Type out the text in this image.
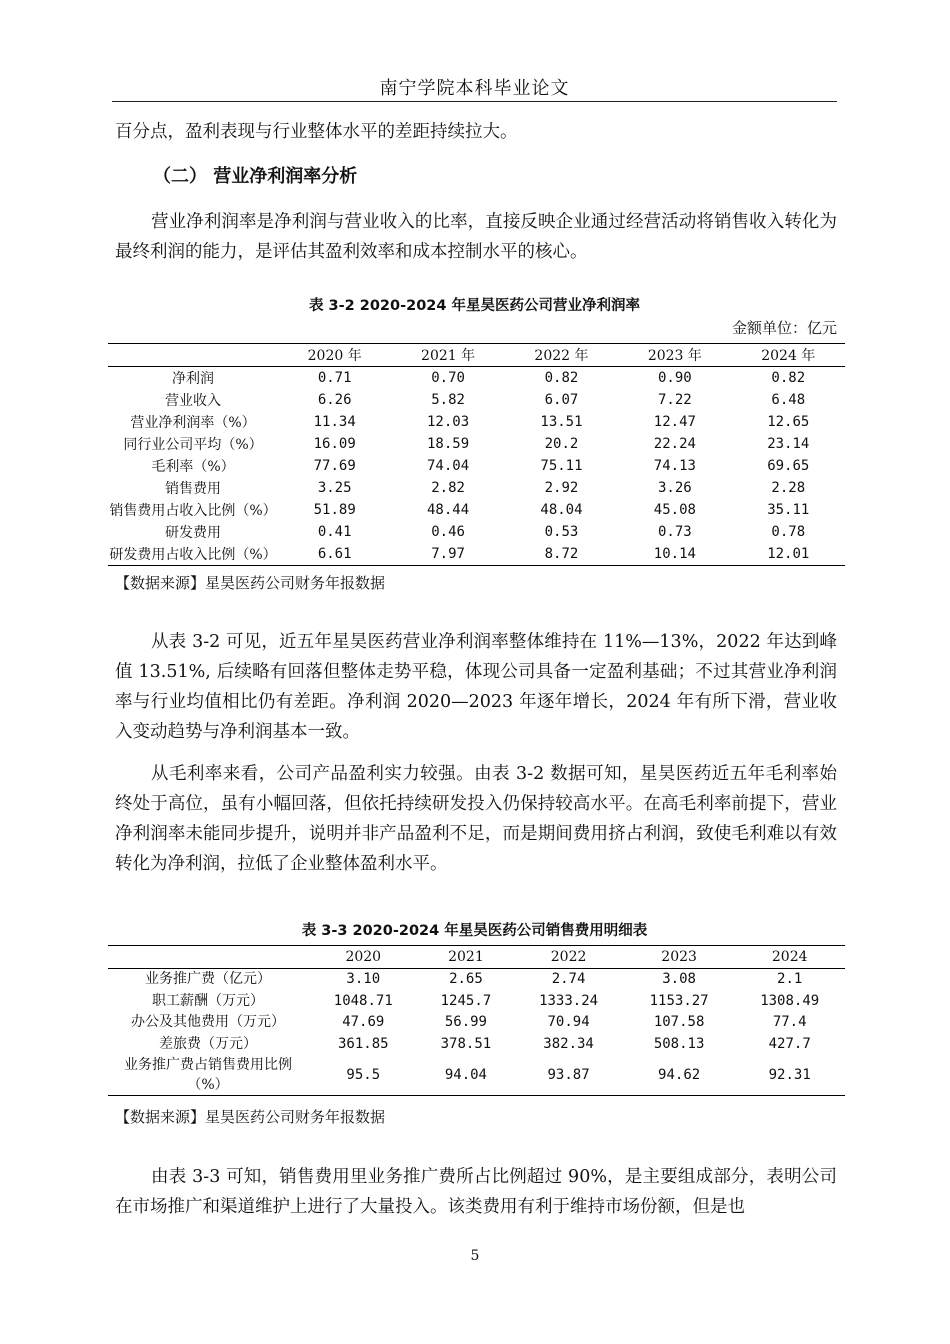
南宁学院本科毕业论文

百分点，盈利表现与行业整体水平的差距持续拉大。

（二） 营业净利润率分析

营业净利润率是净利润与营业收入的比率，直接反映企业通过经营活动将销售收入转化为最终利润的能力，是评估其盈利效率和成本控制水平的核心。

表 3-2 2020-2024 年星昊医药公司营业净利润率
金额单位：亿元
	2020 年	2021 年	2022 年	2023 年	2024 年
净利润	0.71	0.70	0.82	0.90	0.82
营业收入	6.26	5.82	6.07	7.22	6.48
营业净利润率（%）	11.34	12.03	13.51	12.47	12.65
同行业公司平均（%）	16.09	18.59	20.2	22.24	23.14
毛利率（%）	77.69	74.04	75.11	74.13	69.65
销售费用	3.25	2.82	2.92	3.26	2.28
销售费用占收入比例（%）	51.89	48.44	48.04	45.08	35.11
研发费用	0.41	0.46	0.53	0.73	0.78
研发费用占收入比例（%）	6.61	7.97	8.72	10.14	12.01
【数据来源】星昊医药公司财务年报数据

从表 3-2 可见，近五年星昊医药营业净利润率整体维持在 11%—13%，2022 年达到峰值 13.51%, 后续略有回落但整体走势平稳，体现公司具备一定盈利基础；不过其营业净利润率与行业均值相比仍有差距。净利润 2020—2023 年逐年增长，2024 年有所下滑，营业收入变动趋势与净利润基本一致。

从毛利率来看，公司产品盈利实力较强。由表 3-2 数据可知，星昊医药近五年毛利率始终处于高位，虽有小幅回落，但依托持续研发投入仍保持较高水平。在高毛利率前提下，营业净利润率未能同步提升，说明并非产品盈利不足，而是期间费用挤占利润，致使毛利难以有效转化为净利润，拉低了企业整体盈利水平。

表 3-3 2020-2024 年星昊医药公司销售费用明细表
	2020	2021	2022	2023	2024
业务推广费（亿元）	3.10	2.65	2.74	3.08	2.1
职工薪酬（万元）	1048.71	1245.7	1333.24	1153.27	1308.49
办公及其他费用（万元）	47.69	56.99	70.94	107.58	77.4
差旅费（万元）	361.85	378.51	382.34	508.13	427.7
业务推广费占销售费用比例（%）	95.5	94.04	93.87	94.62	92.31
【数据来源】星昊医药公司财务年报数据

由表 3-3 可知，销售费用里业务推广费所占比例超过 90%，是主要组成部分，表明公司在市场推广和渠道维护上进行了大量投入。该类费用有利于维持市场份额，但是也

5
